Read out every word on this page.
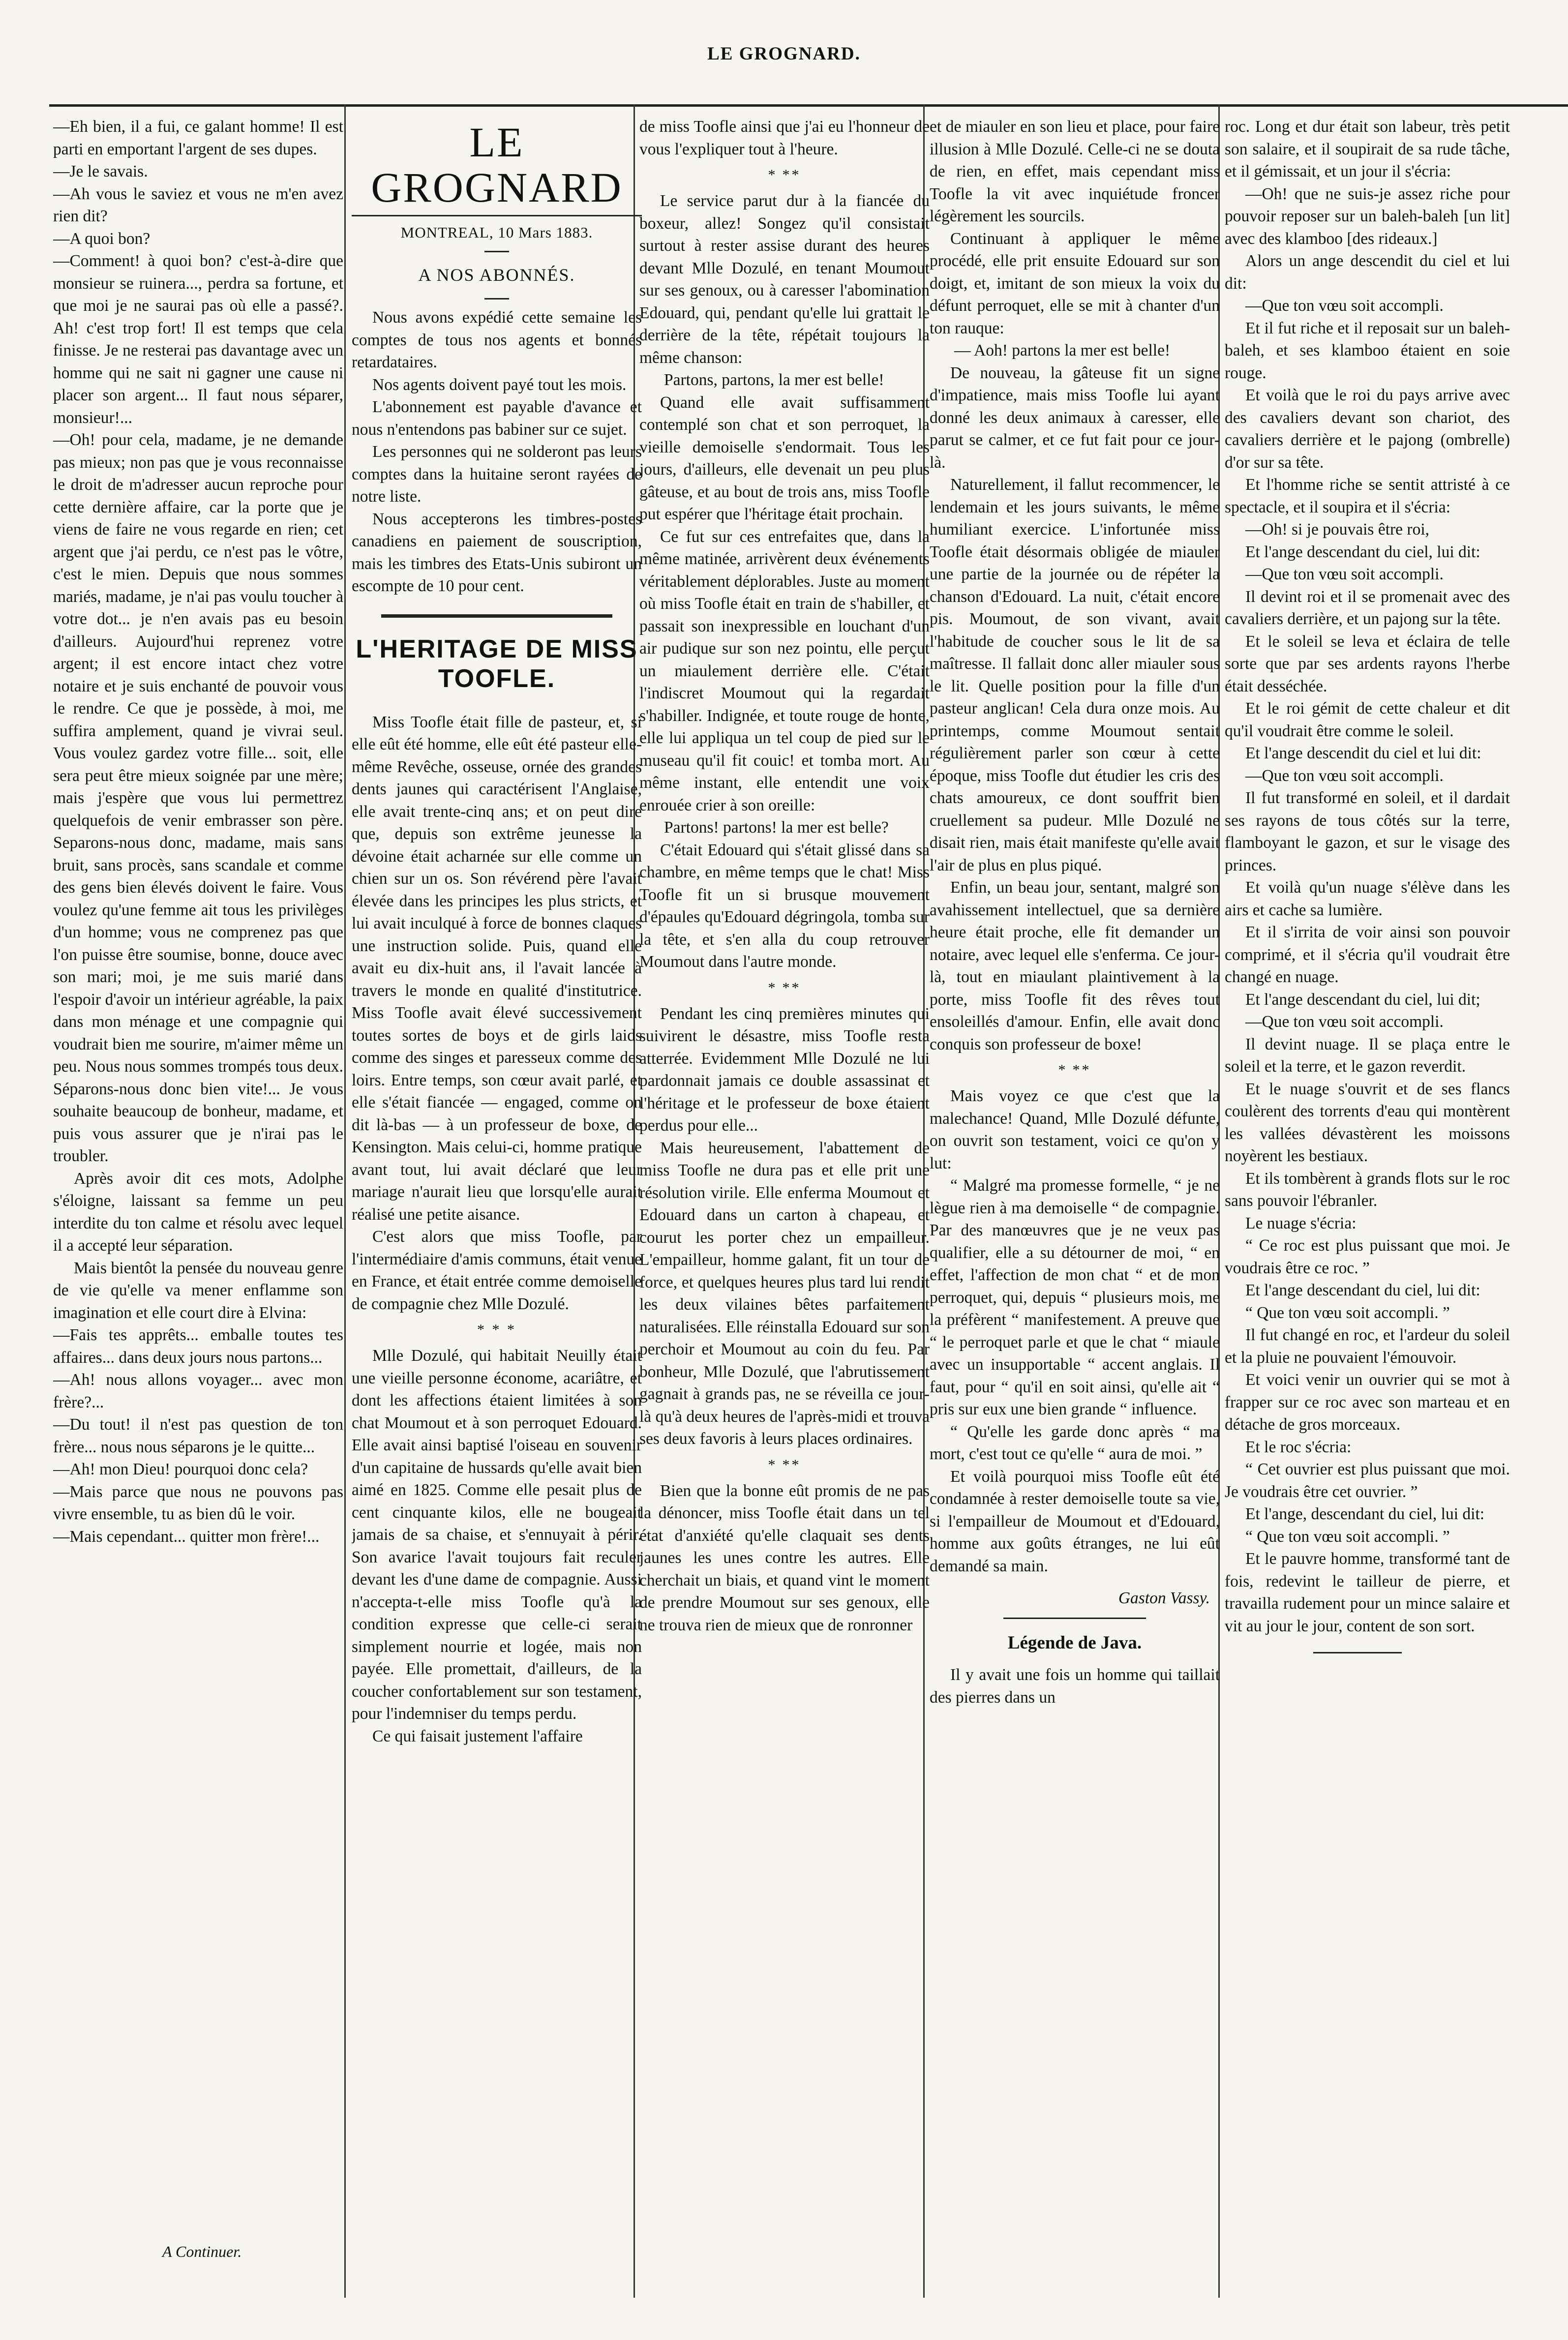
LE GROGNARD.

—Eh bien, il a fui, ce galant homme! Il est parti en emportant l'argent de ses dupes.

—Je le savais.

—Ah vous le saviez et vous ne m'en avez rien dit?

—A quoi bon?

—Comment! à quoi bon? c'est-à-dire que monsieur se ruinera..., perdra sa fortune, et que moi je ne saurai pas où elle a passé?. Ah! c'est trop fort! Il est temps que cela finisse. Je ne resterai pas davantage avec un homme qui ne sait ni gagner une cause ni placer son argent... Il faut nous séparer, monsieur!...

—Oh! pour cela, madame, je ne demande pas mieux; non pas que je vous reconnaisse le droit de m'adresser aucun reproche pour cette dernière affaire, car la porte que je viens de faire ne vous regarde en rien; cet argent que j'ai perdu, ce n'est pas le vôtre, c'est le mien. Depuis que nous sommes mariés, madame, je n'ai pas voulu toucher à votre dot... je n'en avais pas eu besoin d'ailleurs. Aujourd'hui reprenez votre argent; il est encore intact chez votre notaire et je suis enchanté de pouvoir vous le rendre. Ce que je possède, à moi, me suffira amplement, quand je vivrai seul. Vous voulez gardez votre fille... soit, elle sera peut être mieux soignée par une mère; mais j'espère que vous lui permettrez quelquefois de venir embrasser son père. Separons-nous donc, madame, mais sans bruit, sans procès, sans scandale et comme des gens bien élevés doivent le faire. Vous voulez qu'une femme ait tous les privilèges d'un homme; vous ne comprenez pas que l'on puisse être soumise, bonne, douce avec son mari; moi, je me suis marié dans l'espoir d'avoir un intérieur agréable, la paix dans mon ménage et une compagnie qui voudrait bien me sourire, m'aimer même un peu. Nous nous sommes trompés tous deux. Séparons-nous donc bien vite!... Je vous souhaite beaucoup de bonheur, madame, et puis vous assurer que je n'irai pas le troubler.

Après avoir dit ces mots, Adolphe s'éloigne, laissant sa femme un peu interdite du ton calme et résolu avec lequel il a accepté leur séparation.

Mais bientôt la pensée du nouveau genre de vie qu'elle va mener enflamme son imagination et elle court dire à Elvina:

—Fais tes apprêts... emballe toutes tes affaires... dans deux jours nous partons...

—Ah! nous allons voyager... avec mon frère?...

—Du tout! il n'est pas question de ton frère... nous nous séparons je le quitte...

—Ah! mon Dieu! pourquoi donc cela?

—Mais parce que nous ne pouvons pas vivre ensemble, tu as bien dû le voir.

—Mais cependant... quitter mon frère!...

A Continuer.
LE GROGNARD
MONTREAL, 10 Mars 1883.
A NOS ABONNÉS.

Nous avons expédié cette semaine les comptes de tous nos agents et bonnés retardataires.

Nos agents doivent payé tout les mois.

L'abonnement est payable d'avance et nous n'entendons pas babiner sur ce sujet.

Les personnes qui ne solderont pas leurs comptes dans la huitaine seront rayées de notre liste.

Nous accepterons les timbres-postes canadiens en paiement de souscription, mais les timbres des Etats-Unis subiront un escompte de 10 pour cent.

L'HERITAGE DE MISS TOOFLE.

Miss Toofle était fille de pasteur, et, si elle eût été homme, elle eût été pasteur elle-même Revêche, osseuse, ornée des grandes dents jaunes qui caractérisent l'Anglaise, elle avait trente-cinq ans; et on peut dire que, depuis son extrême jeunesse la dévoine était acharnée sur elle comme un chien sur un os. Son révérend père l'avait élevée dans les principes les plus stricts, et lui avait inculqué à force de bonnes claques une instruction solide. Puis, quand elle avait eu dix-huit ans, il l'avait lancée à travers le monde en qualité d'institutrice. Miss Toofle avait élevé successivement toutes sortes de boys et de girls laids comme des singes et paresseux comme des loirs. Entre temps, son cœur avait parlé, et elle s'était fiancée — engaged, comme on dit là-bas — à un professeur de boxe, de Kensington. Mais celui-ci, homme pratique avant tout, lui avait déclaré que leur mariage n'aurait lieu que lorsqu'elle aurait réalisé une petite aisance.

C'est alors que miss Toofle, par l'intermédiaire d'amis communs, était venue en France, et était entrée comme demoiselle de compagnie chez Mlle Dozulé.

* * *

Mlle Dozulé, qui habitait Neuilly était une vieille personne économe, acariâtre, et dont les affections étaient limitées à son chat Moumout et à son perroquet Edouard. Elle avait ainsi baptisé l'oiseau en souvenir d'un capitaine de hussards qu'elle avait bien aimé en 1825. Comme elle pesait plus de cent cinquante kilos, elle ne bougeait jamais de sa chaise, et s'ennuyait à périr. Son avarice l'avait toujours fait reculer devant les d'une dame de compagnie. Aussi n'accepta-t-elle miss Toofle qu'à la condition expresse que celle-ci serait simplement nourrie et logée, mais non payée. Elle promettait, d'ailleurs, de la coucher confortablement sur son testament, pour l'indemniser du temps perdu.

Ce qui faisait justement l'affaire

de miss Toofle ainsi que j'ai eu l'honneur de vous l'expliquer tout à l'heure.

* **

Le service parut dur à la fiancée du boxeur, allez! Songez qu'il consistait surtout à rester assise durant des heures devant Mlle Dozulé, en tenant Moumout sur ses genoux, ou à caresser l'abomination Edouard, qui, pendant qu'elle lui grattait le derrière de la tête, répétait toujours la même chanson:

Partons, partons, la mer est belle!

Quand elle avait suffisamment contemplé son chat et son perroquet, la vieille demoiselle s'endormait. Tous les jours, d'ailleurs, elle devenait un peu plus gâteuse, et au bout de trois ans, miss Toofle put espérer que l'héritage était prochain.

Ce fut sur ces entrefaites que, dans la même matinée, arrivèrent deux événements véritablement déplorables. Juste au moment où miss Toofle était en train de s'habiller, et passait son inexpressible en louchant d'un air pudique sur son nez pointu, elle perçut un miaulement derrière elle. C'était l'indiscret Moumout qui la regardait s'habiller. Indignée, et toute rouge de honte, elle lui appliqua un tel coup de pied sur le museau qu'il fit couic! et tomba mort. Au même instant, elle entendit une voix enrouée crier à son oreille:

Partons! partons! la mer est belle?

C'était Edouard qui s'était glissé dans sa chambre, en même temps que le chat! Miss Toofle fit un si brusque mouvement d'épaules qu'Edouard dégringola, tomba sur la tête, et s'en alla du coup retrouver Moumout dans l'autre monde.

* **

Pendant les cinq premières minutes qui suivirent le désastre, miss Toofle resta atterrée. Evidemment Mlle Dozulé ne lui pardonnait jamais ce double assassinat et l'héritage et le professeur de boxe étaient perdus pour elle...

Mais heureusement, l'abattement de miss Toofle ne dura pas et elle prit une résolution virile. Elle enferma Moumout et Edouard dans un carton à chapeau, et courut les porter chez un empailleur. L'empailleur, homme galant, fit un tour de force, et quelques heures plus tard lui rendit les deux vilaines bêtes parfaitement naturalisées. Elle réinstalla Edouard sur son perchoir et Moumout au coin du feu. Par bonheur, Mlle Dozulé, que l'abrutissement gagnait à grands pas, ne se réveilla ce jour-là qu'à deux heures de l'après-midi et trouva ses deux favoris à leurs places ordinaires.

* **

Bien que la bonne eût promis de ne pas la dénoncer, miss Toofle était dans un tel état d'anxiété qu'elle claquait ses dents jaunes les unes contre les autres. Elle cherchait un biais, et quand vint le moment de prendre Moumout sur ses genoux, elle ne trouva rien de mieux que de ronronner

et de miauler en son lieu et place, pour faire illusion à Mlle Dozulé. Celle-ci ne se douta de rien, en effet, mais cependant miss Toofle la vit avec inquiétude froncer légèrement les sourcils.

Continuant à appliquer le même procédé, elle prit ensuite Edouard sur son doigt, et, imitant de son mieux la voix du défunt perroquet, elle se mit à chanter d'un ton rauque:

— Aoh! partons la mer est belle!

De nouveau, la gâteuse fit un signe d'impatience, mais miss Toofle lui ayant donné les deux animaux à caresser, elle parut se calmer, et ce fut fait pour ce jour-là.

Naturellement, il fallut recommencer, le lendemain et les jours suivants, le même humiliant exercice. L'infortunée miss Toofle était désormais obligée de miauler une partie de la journée ou de répéter la chanson d'Edouard. La nuit, c'était encore pis. Moumout, de son vivant, avait l'habitude de coucher sous le lit de sa maîtresse. Il fallait donc aller miauler sous le lit. Quelle position pour la fille d'un pasteur anglican! Cela dura onze mois. Au printemps, comme Moumout sentait régulièrement parler son cœur à cette époque, miss Toofle dut étudier les cris des chats amoureux, ce dont souffrit bien cruellement sa pudeur. Mlle Dozulé ne disait rien, mais était manifeste qu'elle avait l'air de plus en plus piqué.

Enfin, un beau jour, sentant, malgré son avahissement intellectuel, que sa dernière heure était proche, elle fit demander un notaire, avec lequel elle s'enferma. Ce jour-là, tout en miaulant plaintivement à la porte, miss Toofle fit des rêves tout ensoleillés d'amour. Enfin, elle avait donc conquis son professeur de boxe!

* **

Mais voyez ce que c'est que la malechance! Quand, Mlle Dozulé défunte, on ouvrit son testament, voici ce qu'on y lut:

“ Malgré ma promesse formelle, “ je ne lègue rien à ma demoiselle “ de compagnie. Par des manœuvres que je ne veux pas qualifier, elle a su détourner de moi, “ en effet, l'affection de mon chat “ et de mon perroquet, qui, depuis “ plusieurs mois, me la préfèrent “ manifestement. A preuve que “ le perroquet parle et que le chat “ miaule avec un insupportable “ accent anglais. Il faut, pour “ qu'il en soit ainsi, qu'elle ait “ pris sur eux une bien grande “ influence.

“ Qu'elle les garde donc après “ ma mort, c'est tout ce qu'elle “ aura de moi. ”

Et voilà pourquoi miss Toofle eût été condamnée à rester demoiselle toute sa vie, si l'empailleur de Moumout et d'Edouard, homme aux goûts étranges, ne lui eût demandé sa main.

Gaston Vassy.
Légende de Java.

Il y avait une fois un homme qui taillait des pierres dans un

roc. Long et dur était son labeur, très petit son salaire, et il soupirait de sa rude tâche, et il gémissait, et un jour il s'écria:

—Oh! que ne suis-je assez riche pour pouvoir reposer sur un baleh-baleh [un lit] avec des klamboo [des rideaux.]

Alors un ange descendit du ciel et lui dit:

—Que ton vœu soit accompli.

Et il fut riche et il reposait sur un baleh-baleh, et ses klamboo étaient en soie rouge.

Et voilà que le roi du pays arrive avec des cavaliers devant son chariot, des cavaliers derrière et le pajong (ombrelle) d'or sur sa tête.

Et l'homme riche se sentit attristé à ce spectacle, et il soupira et il s'écria:

—Oh! si je pouvais être roi,

Et l'ange descendant du ciel, lui dit:

—Que ton vœu soit accompli.

Il devint roi et il se promenait avec des cavaliers derrière, et un pajong sur la tête.

Et le soleil se leva et éclaira de telle sorte que par ses ardents rayons l'herbe était desséchée.

Et le roi gémit de cette chaleur et dit qu'il voudrait être comme le soleil.

Et l'ange descendit du ciel et lui dit:

—Que ton vœu soit accompli.

Il fut transformé en soleil, et il dardait ses rayons de tous côtés sur la terre, flamboyant le gazon, et sur le visage des princes.

Et voilà qu'un nuage s'élève dans les airs et cache sa lumière.

Et il s'irrita de voir ainsi son pouvoir comprimé, et il s'écria qu'il voudrait être changé en nuage.

Et l'ange descendant du ciel, lui dit;

—Que ton vœu soit accompli.

Il devint nuage. Il se plaça entre le soleil et la terre, et le gazon reverdit.

Et le nuage s'ouvrit et de ses flancs coulèrent des torrents d'eau qui montèrent les vallées dévastèrent les moissons noyèrent les bestiaux.

Et ils tombèrent à grands flots sur le roc sans pouvoir l'ébranler.

Le nuage s'écria:

“ Ce roc est plus puissant que moi. Je voudrais être ce roc. ”

Et l'ange descendant du ciel, lui dit:

“ Que ton vœu soit accompli. ”

Il fut changé en roc, et l'ardeur du soleil et la pluie ne pouvaient l'émouvoir.

Et voici venir un ouvrier qui se mot à frapper sur ce roc avec son marteau et en détache de gros morceaux.

Et le roc s'écria:

“ Cet ouvrier est plus puissant que moi. Je voudrais être cet ouvrier. ”

Et l'ange, descendant du ciel, lui dit:

“ Que ton vœu soit accompli. ”

Et le pauvre homme, transformé tant de fois, redevint le tailleur de pierre, et travailla rudement pour un mince salaire et vit au jour le jour, content de son sort.
